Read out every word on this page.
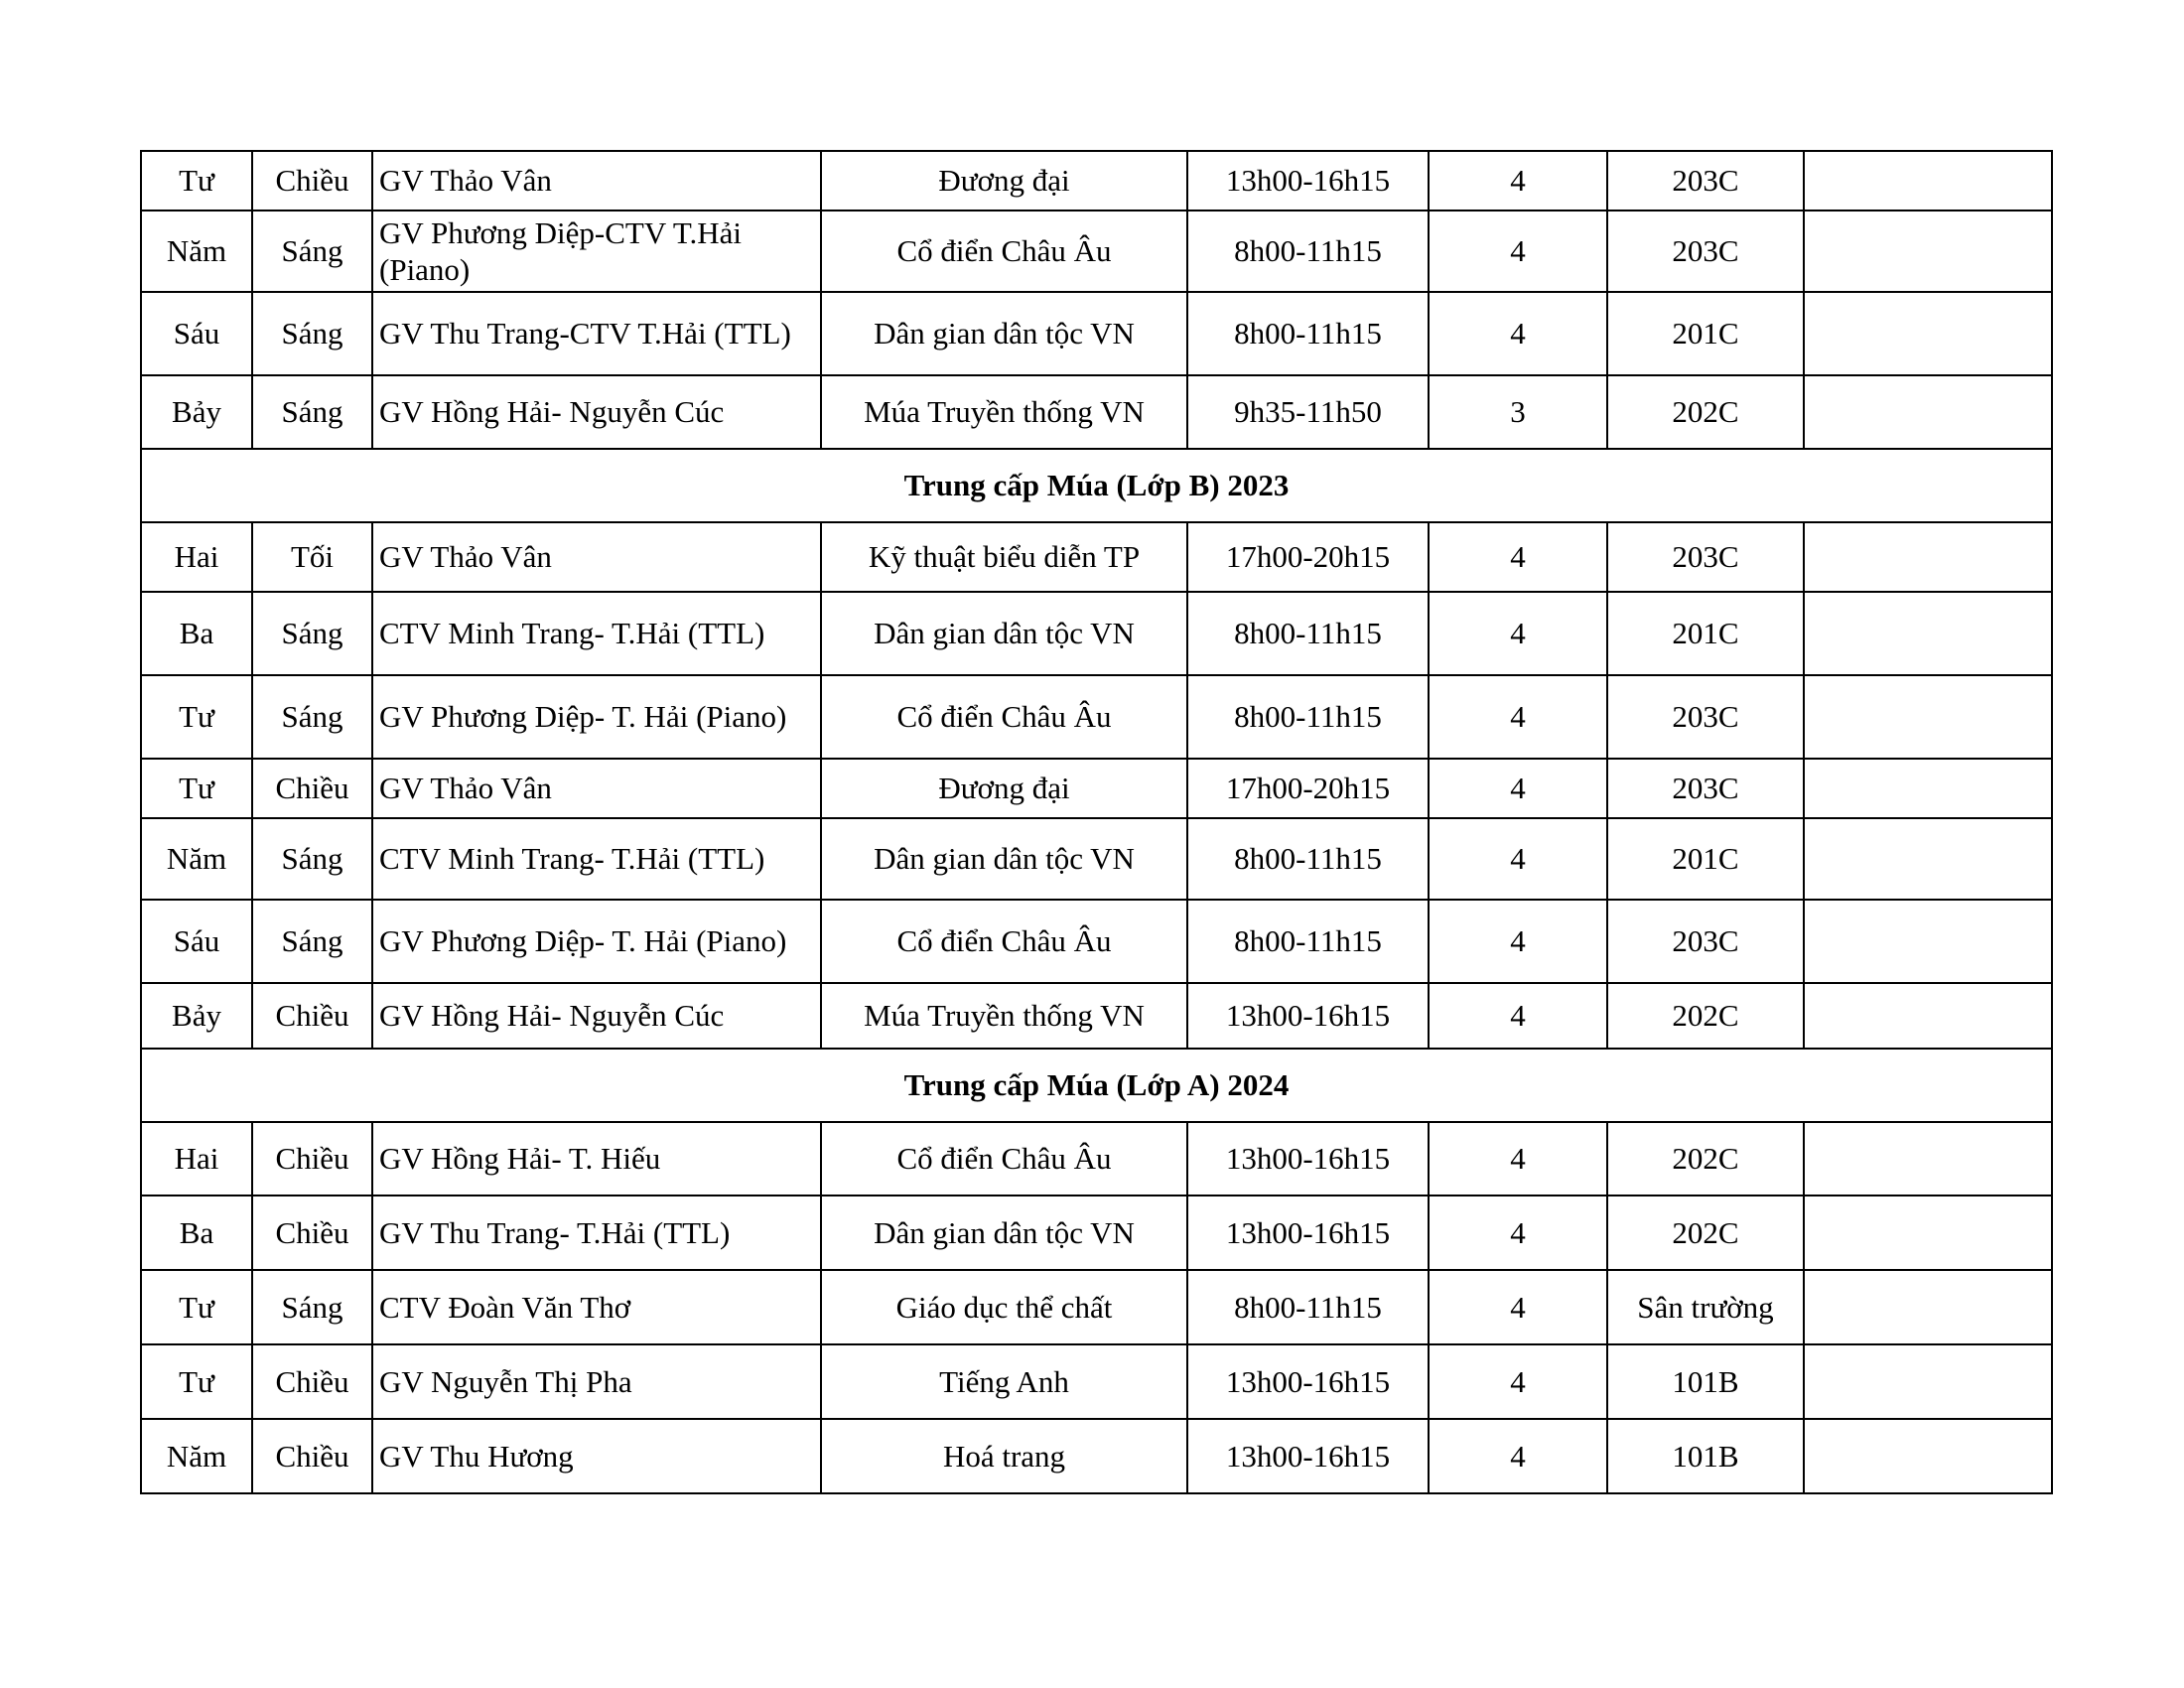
Tư	Chiều	GV Thảo Vân	Đương đại	13h00-16h15	4	203C	
Năm	Sáng	GV Phương Diệp-CTV T.Hải (Piano)	Cổ điển Châu Âu	8h00-11h15	4	203C	
Sáu	Sáng	GV Thu Trang-CTV T.Hải (TTL)	Dân gian dân tộc VN	8h00-11h15	4	201C	
Bảy	Sáng	GV Hồng Hải- Nguyễn Cúc	Múa Truyền thống VN	9h35-11h50	3	202C	
Trung cấp Múa (Lớp B) 2023							
Hai	Tối	GV Thảo Vân	Kỹ thuật biểu diễn TP	17h00-20h15	4	203C	
Ba	Sáng	CTV Minh Trang- T.Hải (TTL)	Dân gian dân tộc VN	8h00-11h15	4	201C	
Tư	Sáng	GV Phương Diệp- T. Hải (Piano)	Cổ điển Châu Âu	8h00-11h15	4	203C	
Tư	Chiều	GV Thảo Vân	Đương đại	17h00-20h15	4	203C	
Năm	Sáng	CTV Minh Trang- T.Hải (TTL)	Dân gian dân tộc VN	8h00-11h15	4	201C	
Sáu	Sáng	GV Phương Diệp- T. Hải (Piano)	Cổ điển Châu Âu	8h00-11h15	4	203C	
Bảy	Chiều	GV Hồng Hải- Nguyễn Cúc	Múa Truyền thống VN	13h00-16h15	4	202C	
Trung cấp Múa (Lớp A) 2024							
Hai	Chiều	GV Hồng Hải- T. Hiếu	Cổ điển Châu Âu	13h00-16h15	4	202C	
Ba	Chiều	GV Thu Trang- T.Hải (TTL)	Dân gian dân tộc VN	13h00-16h15	4	202C	
Tư	Sáng	CTV Đoàn Văn Thơ	Giáo dục thể chất	8h00-11h15	4	Sân trường	
Tư	Chiều	GV Nguyễn Thị Pha	Tiếng Anh	13h00-16h15	4	101B	
Năm	Chiều	GV Thu Hương	Hoá trang	13h00-16h15	4	101B	
